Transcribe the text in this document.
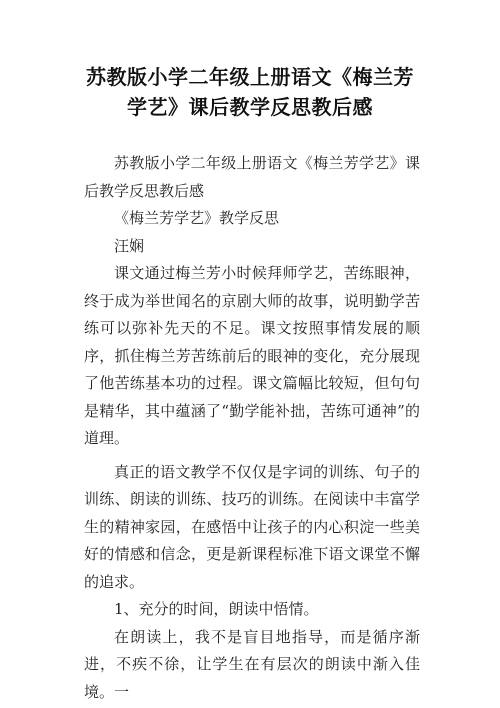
苏教版小学二年级上册语文《梅兰芳
学艺》课后教学反思教后感

苏教版小学二年级上册语文《梅兰芳学艺》课后教学反思教后感

《梅兰芳学艺》教学反思

汪娴

课文通过梅兰芳小时候拜师学艺，苦练眼神，终于成为举世闻名的京剧大师的故事，说明勤学苦练可以弥补先天的不足。课文按照事情发展的顺序，抓住梅兰芳苦练前后的眼神的变化，充分展现了他苦练基本功的过程。课文篇幅比较短，但句句是精华，其中蕴涵了“勤学能补拙，苦练可通神”的道理。

真正的语文教学不仅仅是字词的训练、句子的训练、朗读的训练、技巧的训练。在阅读中丰富学生的精神家园，在感悟中让孩子的内心积淀一些美好的情感和信念，更是新课程标准下语文课堂不懈的追求。

1、充分的时间，朗读中悟情。

在朗读上，我不是盲目地指导，而是循序渐进，不疾不徐，让学生在有层次的朗读中渐入佳境。一
